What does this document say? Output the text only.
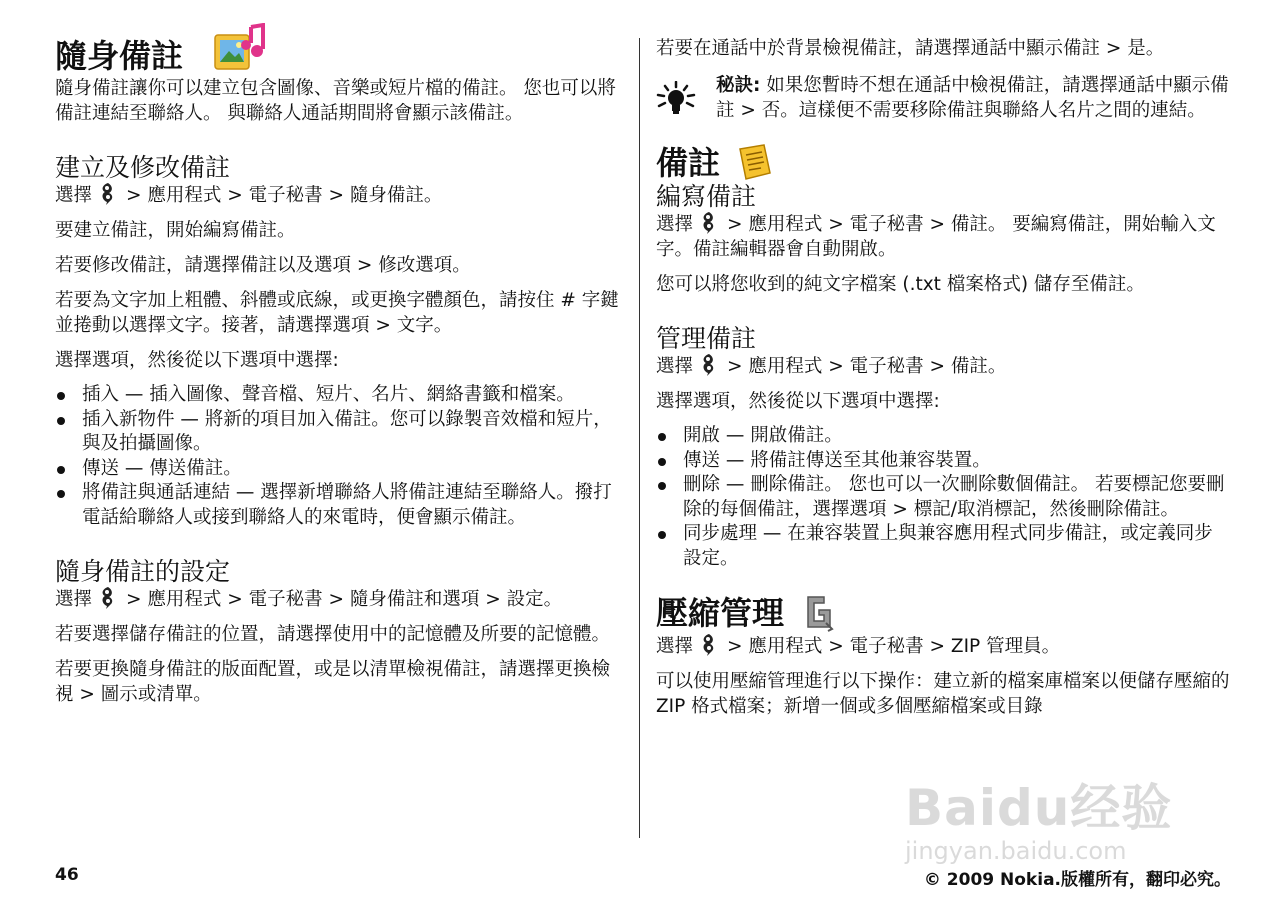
隨身備註

隨身備註讓你可以建立包含圖像、音樂或短片檔的備註。 您也可以將備註連結至聯絡人。 與聯絡人通話期間將會顯示該備註。

建立及修改備註

選擇 > 應用程式 > 電子秘書 > 隨身備註。

要建立備註，開始編寫備註。

若要修改備註，請選擇備註以及選項 > 修改選項。

若要為文字加上粗體、斜體或底線，或更換字體顏色，請按住 # 字鍵並捲動以選擇文字。接著，請選擇選項 > 文字。

選擇選項，然後從以下選項中選擇:

插入 — 插入圖像、聲音檔、短片、名片、網絡書籤和檔案。
插入新物件 — 將新的項目加入備註。您可以錄製音效檔和短片，與及拍攝圖像。
傳送 — 傳送備註。
將備註與通話連結 — 選擇新增聯絡人將備註連結至聯絡人。撥打電話給聯絡人或接到聯絡人的來電時，便會顯示備註。
隨身備註的設定

選擇 > 應用程式 > 電子秘書 > 隨身備註和選項 > 設定。

若要選擇儲存備註的位置，請選擇使用中的記憶體及所要的記憶體。

若要更換隨身備註的版面配置，或是以清單檢視備註，請選擇更換檢視 > 圖示或清單。

若要在通話中於背景檢視備註，請選擇通話中顯示備註 > 是。

秘訣: 如果您暫時不想在通話中檢視備註，請選擇通話中顯示備註 > 否。這樣便不需要移除備註與聯絡人名片之間的連結。

備註
編寫備註

選擇 > 應用程式 > 電子秘書 > 備註。 要編寫備註，開始輸入文字。備註編輯器會自動開啟。

您可以將您收到的純文字檔案 (.txt 檔案格式) 儲存至備註。

管理備註

選擇 > 應用程式 > 電子秘書 > 備註。

選擇選項，然後從以下選項中選擇:

開啟 — 開啟備註。
傳送 — 將備註傳送至其他兼容裝置。
刪除 — 刪除備註。 您也可以一次刪除數個備註。 若要標記您要刪除的每個備註，選擇選項 > 標記/取消標記，然後刪除備註。
同步處理 — 在兼容裝置上與兼容應用程式同步備註，或定義同步設定。
壓縮管理

選擇 > 應用程式 > 電子秘書 > ZIP 管理員。

可以使用壓縮管理進行以下操作：建立新的檔案庫檔案以便儲存壓縮的 ZIP 格式檔案；新增一個或多個壓縮檔案或目錄

Baidu经验
jingyan.baidu.com
46	© 2009 Nokia.版權所有，翻印必究。
